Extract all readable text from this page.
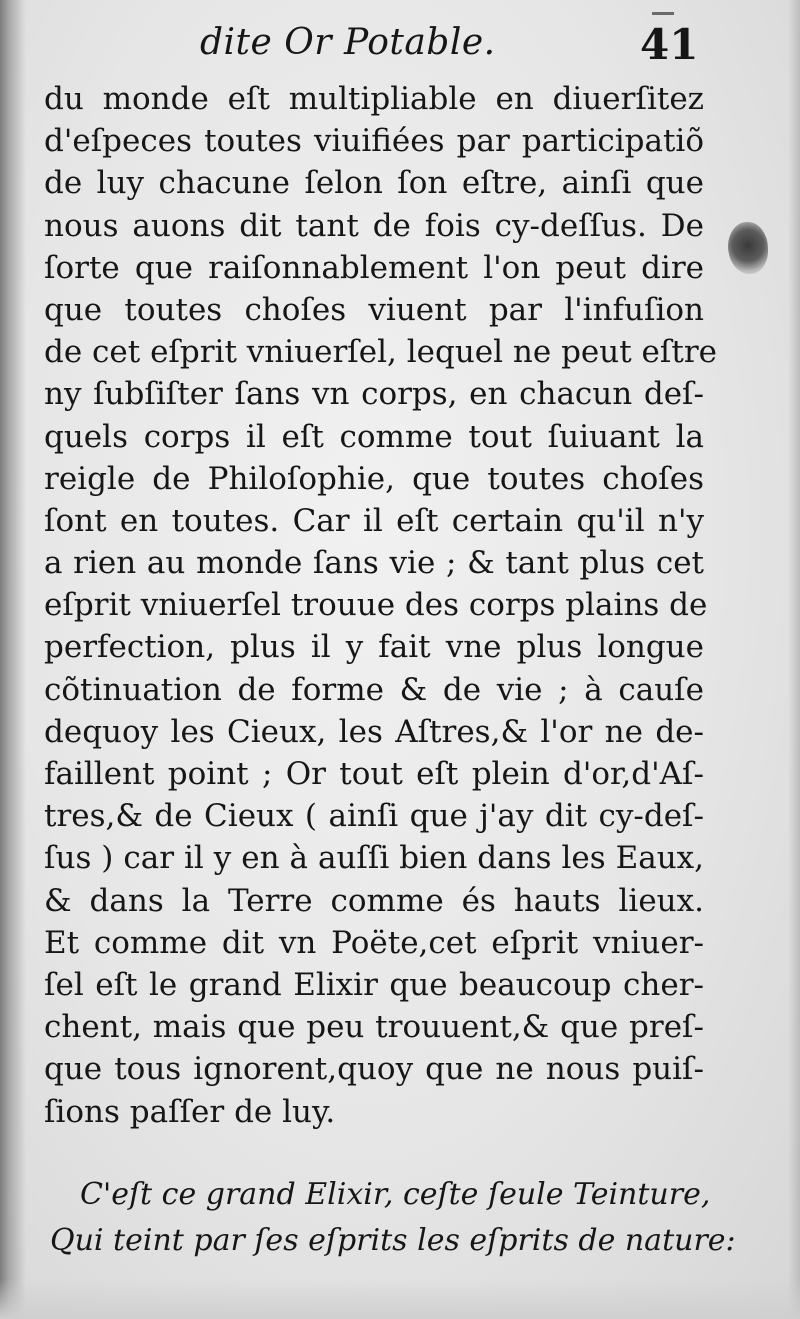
dite Or Potable.	41
du monde eſt multipliable en diuerſitez
d'eſpeces toutes viuifiées par participatiõ
de luy chacune ſelon ſon eſtre, ainſi que
nous auons dit tant de fois cy-deſſus. De
ſorte que raiſonnablement l'on peut dire
que toutes choſes viuent par l'infuſion
de cet eſprit vniuerſel, lequel ne peut eſtre
ny ſubſiſter ſans vn corps, en chacun deſ-
quels corps il eſt comme tout ſuiuant la
reigle de Philoſophie, que toutes choſes
ſont en toutes. Car il eſt certain qu'il n'y
a rien au monde ſans vie ; & tant plus cet
eſprit vniuerſel trouue des corps plains de
perfection, plus il y fait vne plus longue
cõtinuation de forme & de vie ; à cauſe
dequoy les Cieux, les Aſtres,& l'or ne de-
faillent point ; Or tout eſt plein d'or,d'Aſ-
tres,& de Cieux ( ainſi que j'ay dit cy-deſ-
ſus ) car il y en à auſſi bien dans les Eaux,
& dans la Terre comme és hauts lieux.
Et comme dit vn Poëte,cet eſprit vniuer-
ſel eſt le grand Elixir que beaucoup cher-
chent, mais que peu trouuent,& que preſ-
que tous ignorent,quoy que ne nous puiſ-
ſions paſſer de luy.
C'eſt ce grand Elixir, ceſte ſeule Teinture,
Qui teint par ſes eſprits les eſprits de nature:
